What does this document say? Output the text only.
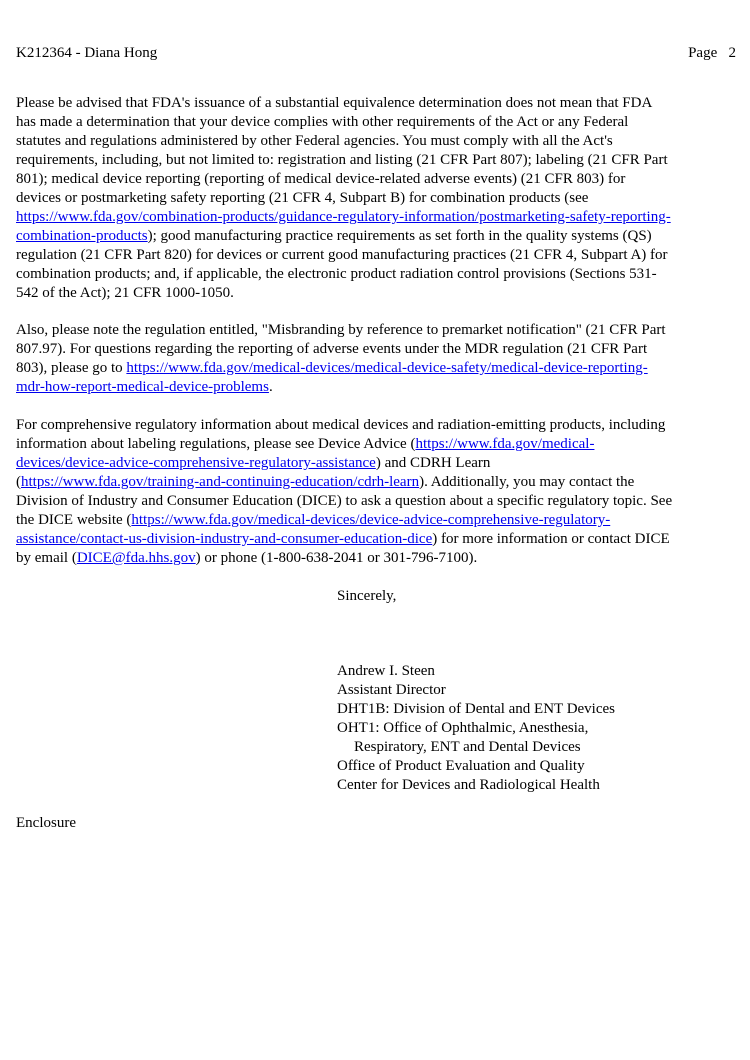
K212364 - Diana Hong	Page 2
Please be advised that FDA's issuance of a substantial equivalence determination does not mean that FDA
has made a determination that your device complies with other requirements of the Act or any Federal
statutes and regulations administered by other Federal agencies. You must comply with all the Act's
requirements, including, but not limited to: registration and listing (21 CFR Part 807); labeling (21 CFR Part
801); medical device reporting (reporting of medical device-related adverse events) (21 CFR 803) for
devices or postmarketing safety reporting (21 CFR 4, Subpart B) for combination products (see
https://www.fda.gov/combination-products/guidance-regulatory-information/postmarketing-safety-reporting-
combination-products); good manufacturing practice requirements as set forth in the quality systems (QS)
regulation (21 CFR Part 820) for devices or current good manufacturing practices (21 CFR 4, Subpart A) for
combination products; and, if applicable, the electronic product radiation control provisions (Sections 531-
542 of the Act); 21 CFR 1000-1050.
Also, please note the regulation entitled, "Misbranding by reference to premarket notification" (21 CFR Part
807.97). For questions regarding the reporting of adverse events under the MDR regulation (21 CFR Part
803), please go to https://www.fda.gov/medical-devices/medical-device-safety/medical-device-reporting-
mdr-how-report-medical-device-problems.
For comprehensive regulatory information about medical devices and radiation-emitting products, including
information about labeling regulations, please see Device Advice (https://www.fda.gov/medical-
devices/device-advice-comprehensive-regulatory-assistance) and CDRH Learn
(https://www.fda.gov/training-and-continuing-education/cdrh-learn). Additionally, you may contact the
Division of Industry and Consumer Education (DICE) to ask a question about a specific regulatory topic. See
the DICE website (https://www.fda.gov/medical-devices/device-advice-comprehensive-regulatory-
assistance/contact-us-division-industry-and-consumer-education-dice) for more information or contact DICE
by email (DICE@fda.hhs.gov) or phone (1-800-638-2041 or 301-796-7100).
Sincerely,
Andrew I. Steen
Assistant Director
DHT1B: Division of Dental and ENT Devices
OHT1: Office of Ophthalmic, Anesthesia,
Respiratory, ENT and Dental Devices
Office of Product Evaluation and Quality
Center for Devices and Radiological Health
Enclosure
